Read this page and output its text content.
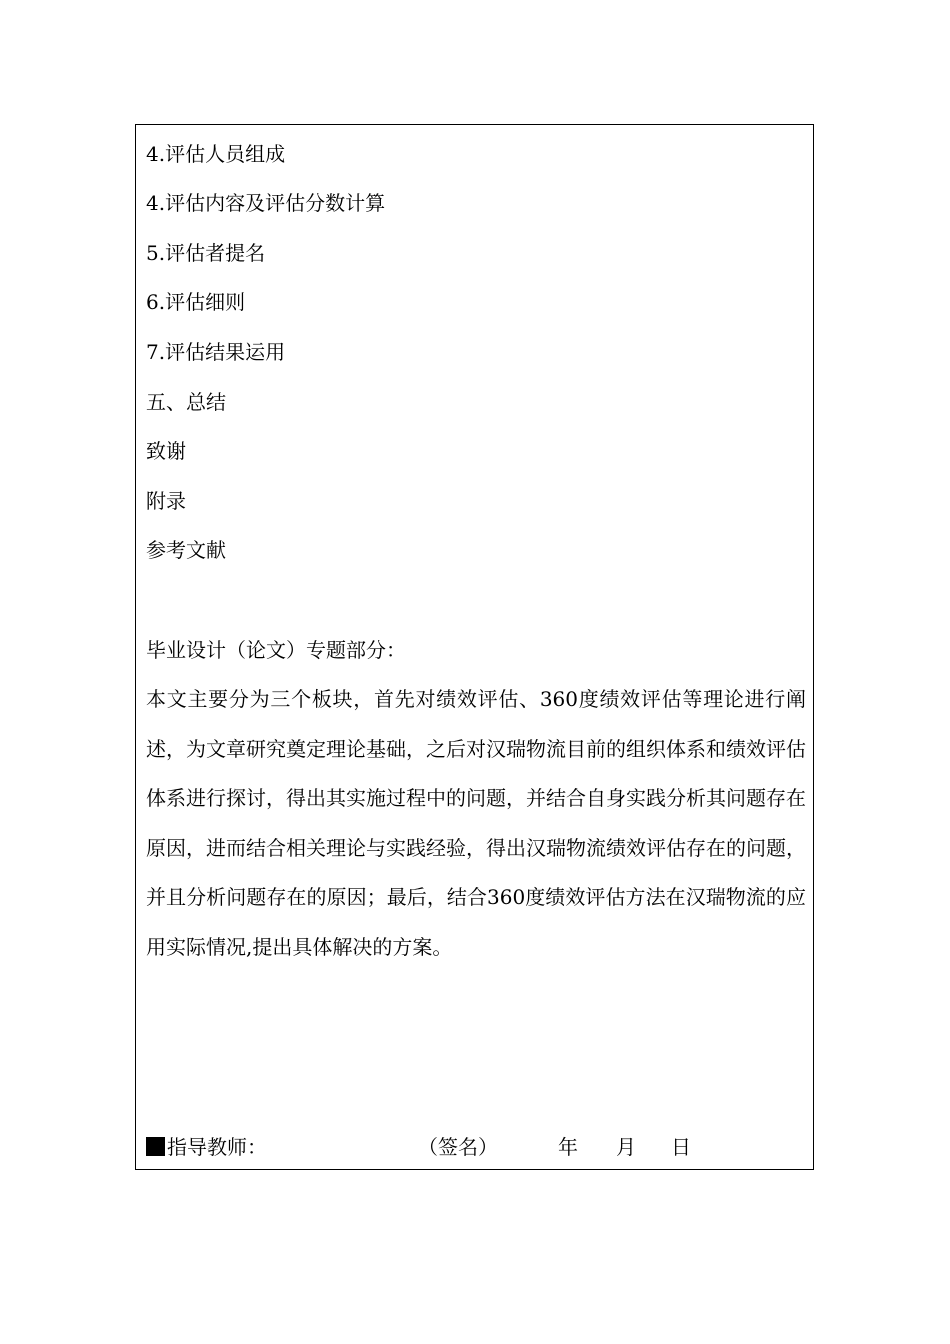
4.评估人员组成
4.评估内容及评估分数计算
5.评估者提名
6.评估细则
7.评估结果运用
五、总结
致谢
附录
参考文献
毕业设计（论文）专题部分：
本文主要分为三个板块，首先对绩效评估、360度绩效评估等理论进行阐述，为文章研究奠定理论基础，之后对汉瑞物流目前的组织体系和绩效评估体系进行探讨，得出其实施过程中的问题，并结合自身实践分析其问题存在原因，进而结合相关理论与实践经验，得出汉瑞物流绩效评估存在的问题，并且分析问题存在的原因；最后，结合360度绩效评估方法在汉瑞物流的应用实际情况,提出具体解决的方案。
指导教师：	（签名）	年 月 日
